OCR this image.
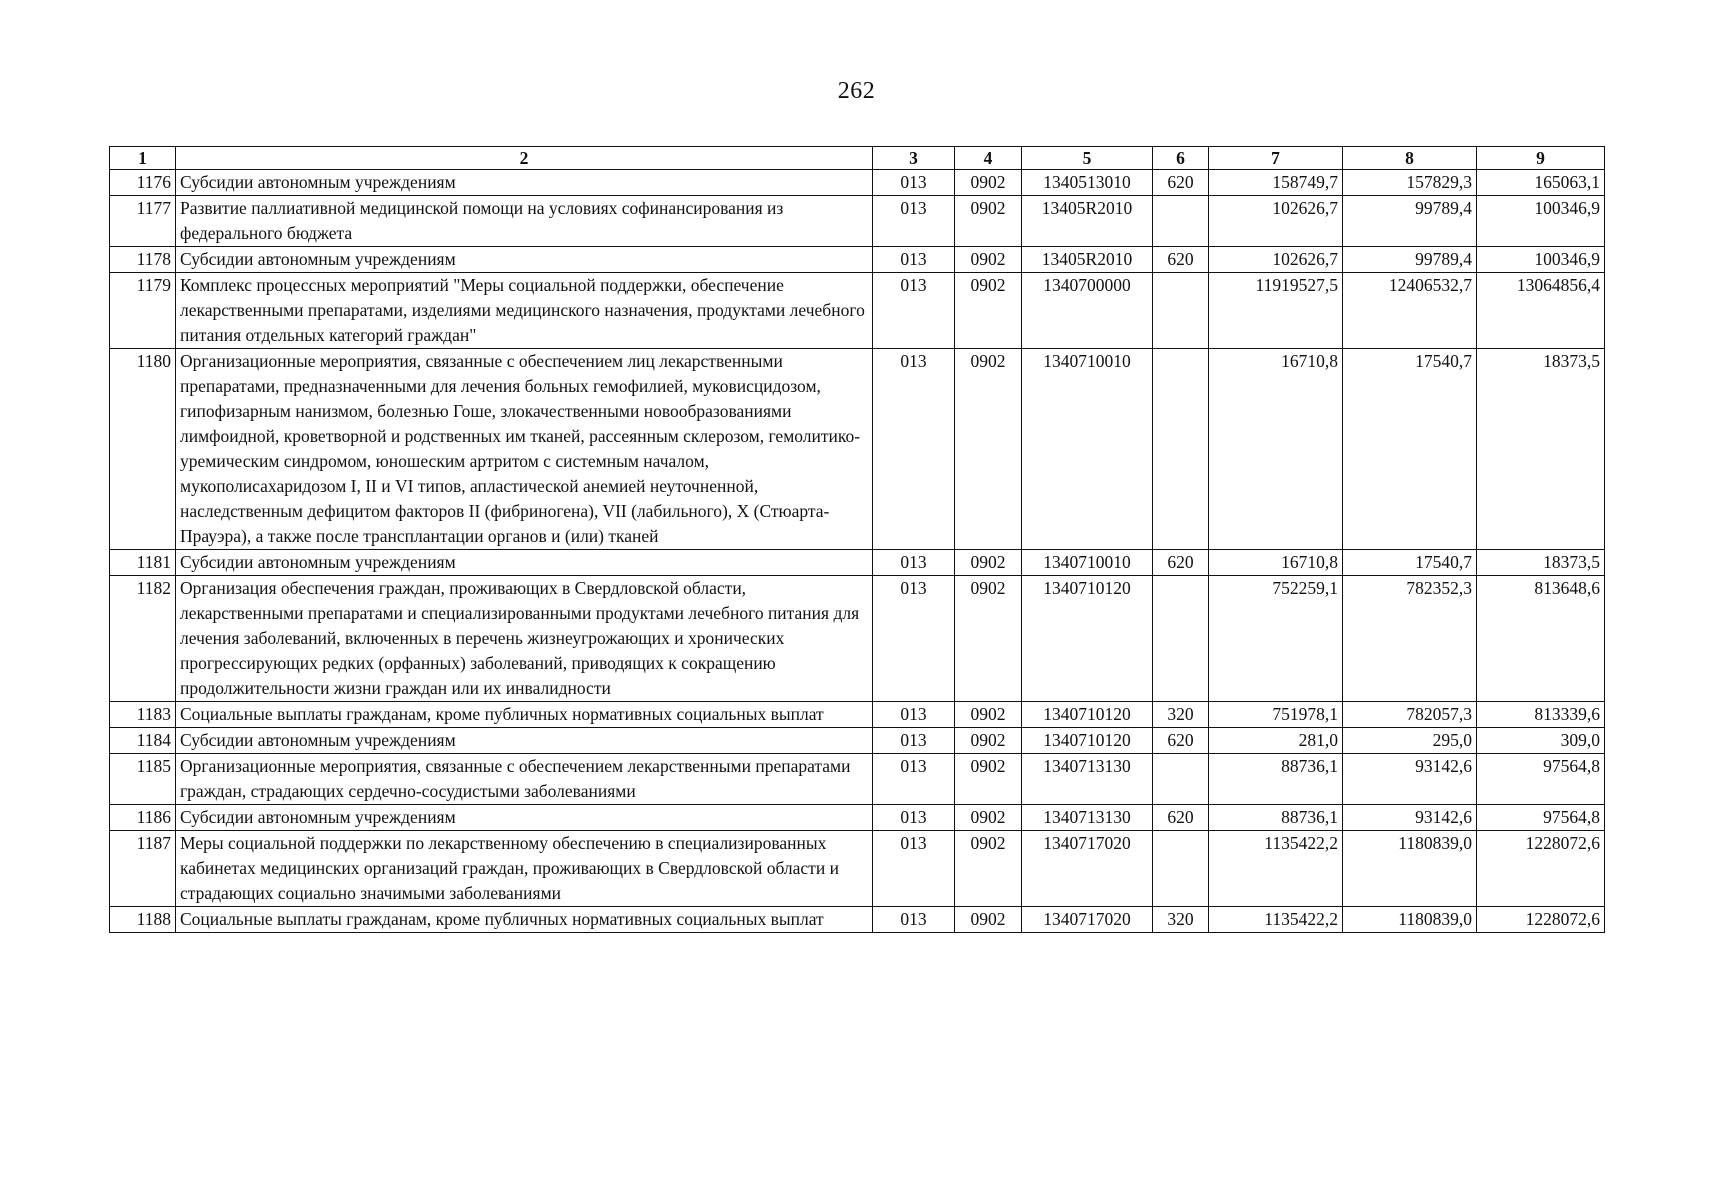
262
1	2	3	4	5	6	7	8	9
1176	Субсидии автономным учреждениям	013	0902	1340513010	620	158749,7	157829,3	165063,1
1177	Развитие паллиативной медицинской помощи на условиях софинансирования из федерального бюджета	013	0902	13405R2010		102626,7	99789,4	100346,9
1178	Субсидии автономным учреждениям	013	0902	13405R2010	620	102626,7	99789,4	100346,9
1179	Комплекс процессных мероприятий "Меры социальной поддержки, обеспечение лекарственными препаратами, изделиями медицинского назначения, продуктами лечебного питания отдельных категорий граждан"	013	0902	1340700000		11919527,5	12406532,7	13064856,4
1180	Организационные мероприятия, связанные с обеспечением лиц лекарственными препаратами, предназначенными для лечения больных гемофилией, муковисцидозом, гипофизарным нанизмом, болезнью Гоше, злокачественными новообразованиями лимфоидной, кроветворной и родственных им тканей, рассеянным склерозом, гемолитико-уремическим синдромом, юношеским артритом с системным началом, мукополисахаридозом I, II и VI типов, апластической анемией неуточненной, наследственным дефицитом факторов II (фибриногена), VII (лабильного), X (Стюарта-Прауэра), а также после трансплантации органов и (или) тканей	013	0902	1340710010		16710,8	17540,7	18373,5
1181	Субсидии автономным учреждениям	013	0902	1340710010	620	16710,8	17540,7	18373,5
1182	Организация обеспечения граждан, проживающих в Свердловской области, лекарственными препаратами и специализированными продуктами лечебного питания для лечения заболеваний, включенных в перечень жизнеугрожающих и хронических прогрессирующих редких (орфанных) заболеваний, приводящих к сокращению продолжительности жизни граждан или их инвалидности	013	0902	1340710120		752259,1	782352,3	813648,6
1183	Социальные выплаты гражданам, кроме публичных нормативных социальных выплат	013	0902	1340710120	320	751978,1	782057,3	813339,6
1184	Субсидии автономным учреждениям	013	0902	1340710120	620	281,0	295,0	309,0
1185	Организационные мероприятия, связанные с обеспечением лекарственными препаратами граждан, страдающих сердечно-сосудистыми заболеваниями	013	0902	1340713130		88736,1	93142,6	97564,8
1186	Субсидии автономным учреждениям	013	0902	1340713130	620	88736,1	93142,6	97564,8
1187	Меры социальной поддержки по лекарственному обеспечению в специализированных кабинетах медицинских организаций граждан, проживающих в Свердловской области и страдающих социально значимыми заболеваниями	013	0902	1340717020		1135422,2	1180839,0	1228072,6
1188	Социальные выплаты гражданам, кроме публичных нормативных социальных выплат	013	0902	1340717020	320	1135422,2	1180839,0	1228072,6
